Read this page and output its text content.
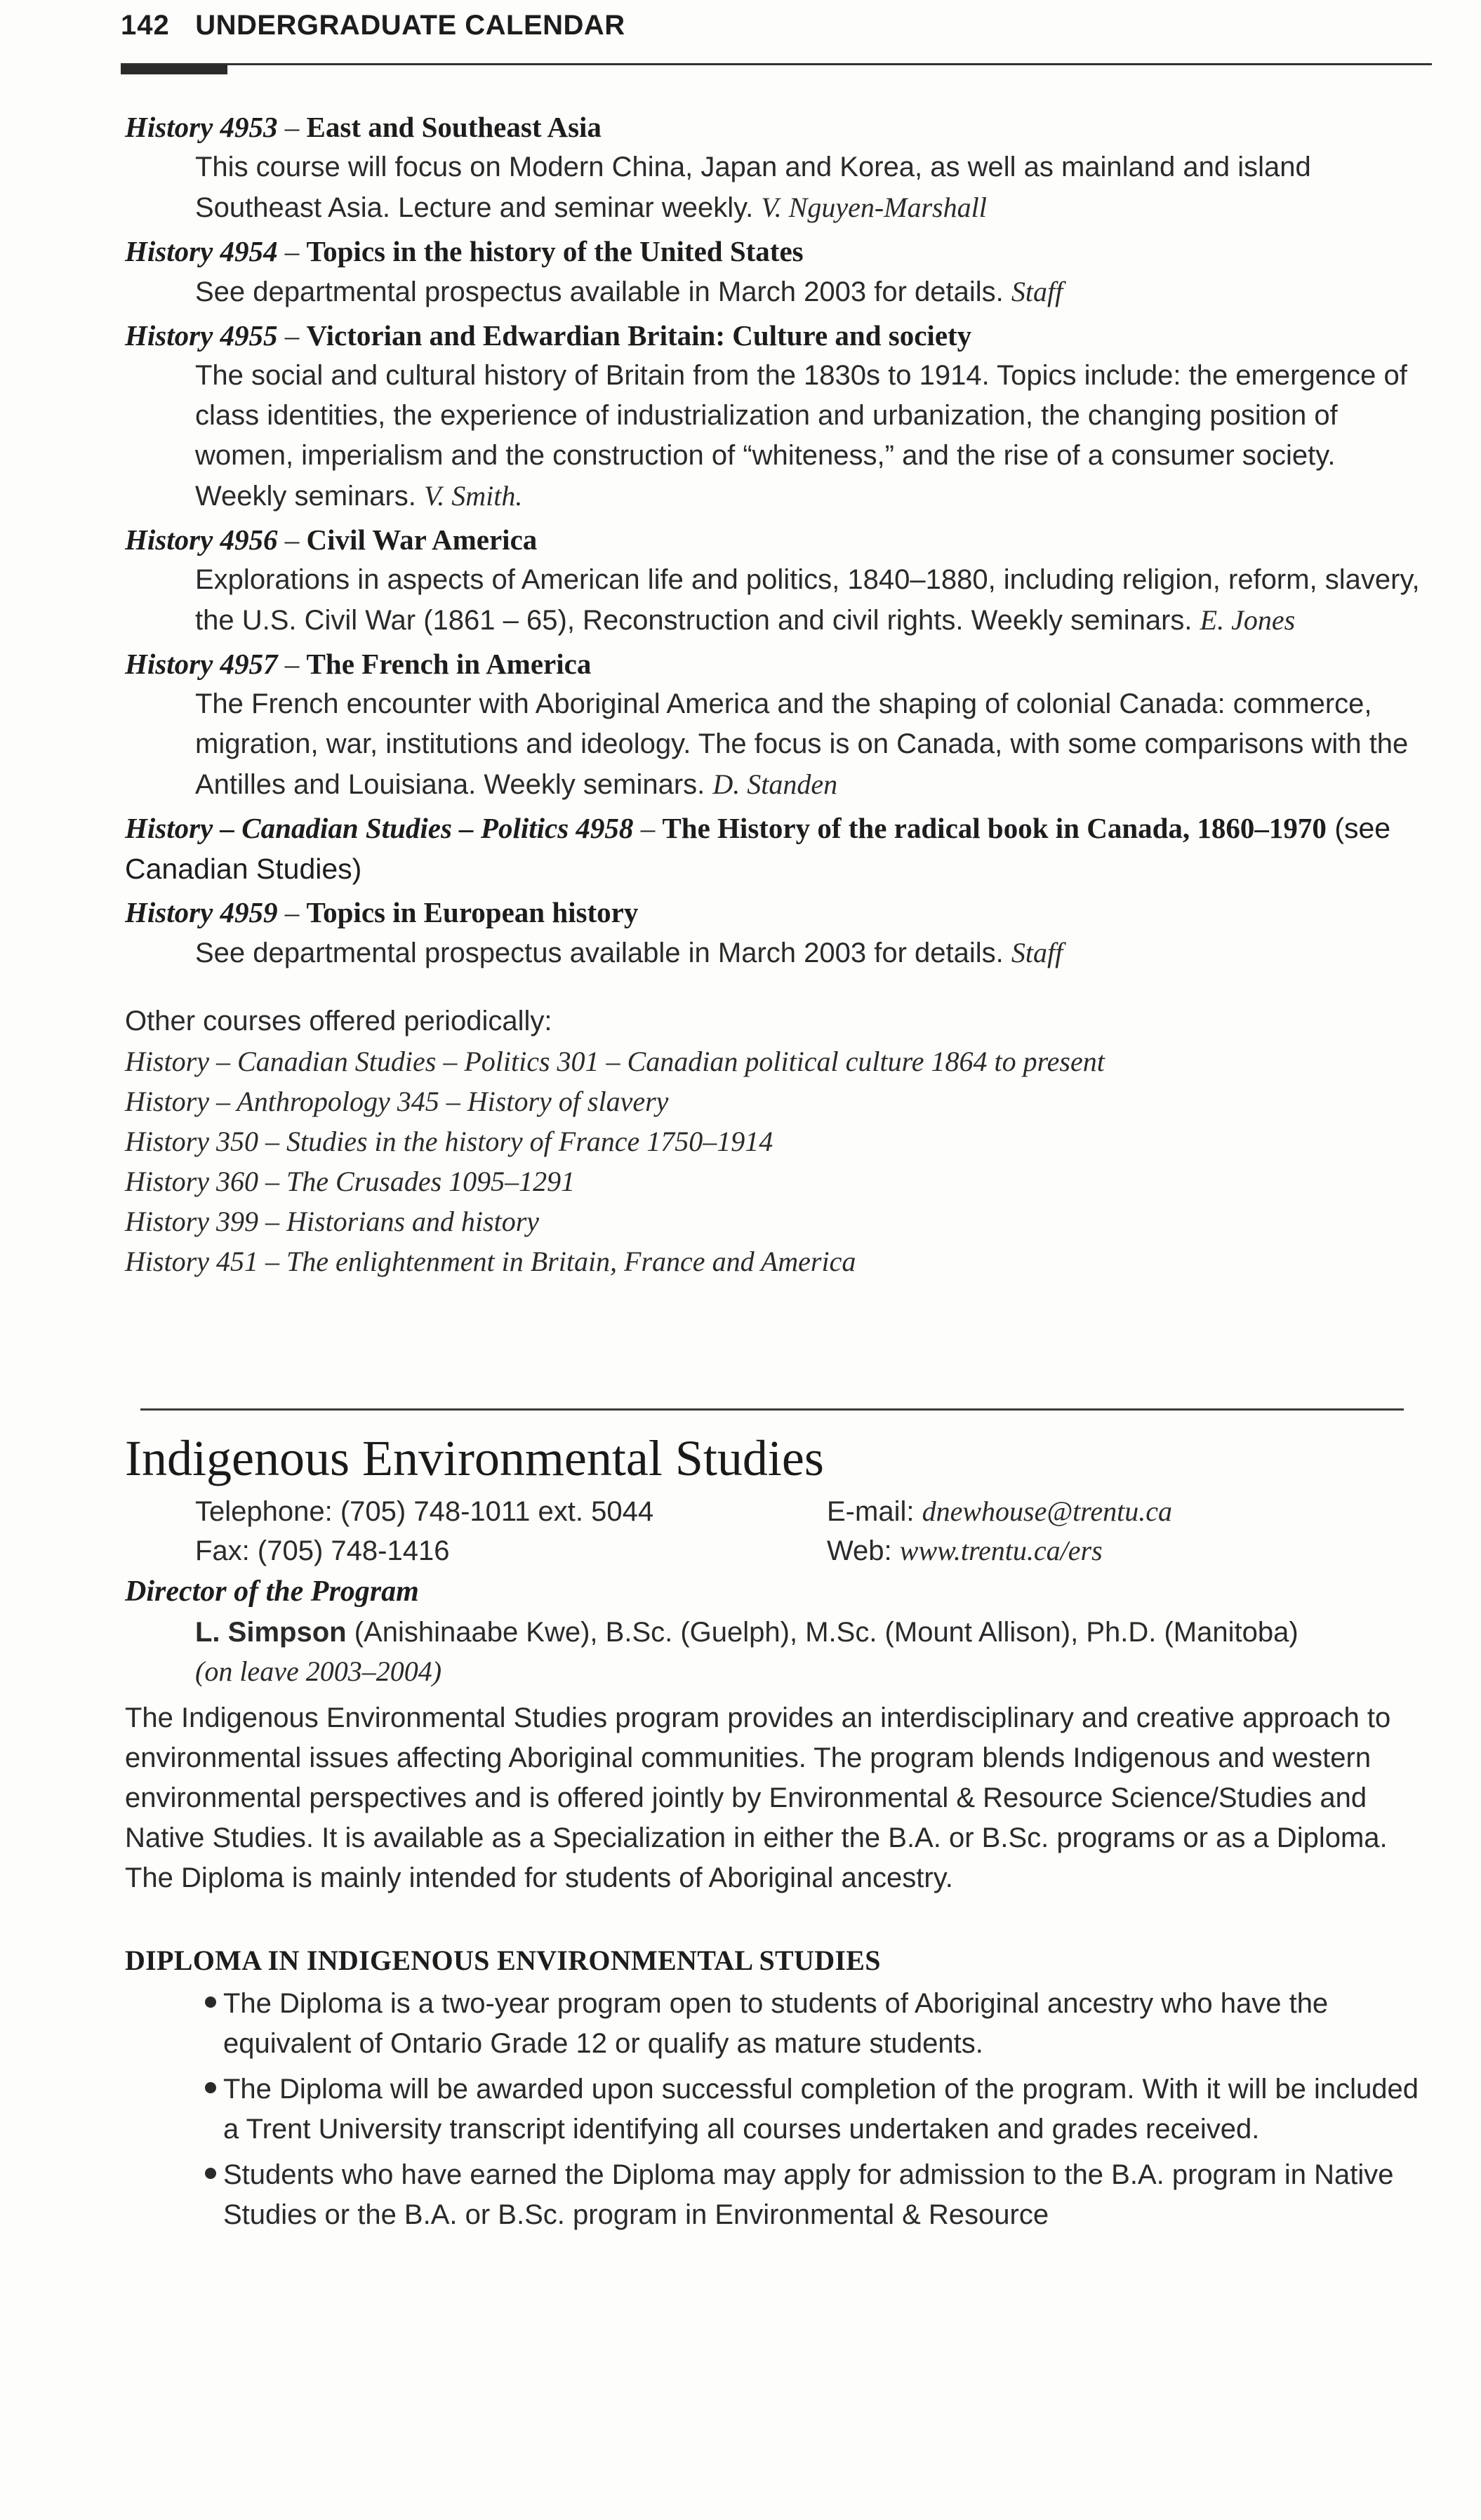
142 UNDERGRADUATE CALENDAR
History 4953 – East and Southeast Asia
This course will focus on Modern China, Japan and Korea, as well as mainland and island Southeast Asia. Lecture and seminar weekly. V. Nguyen-Marshall
History 4954 – Topics in the history of the United States
See departmental prospectus available in March 2003 for details. Staff
History 4955 – Victorian and Edwardian Britain: Culture and society
The social and cultural history of Britain from the 1830s to 1914. Topics include: the emergence of class identities, the experience of industrialization and urbanization, the changing position of women, imperialism and the construction of “whiteness,” and the rise of a consumer society. Weekly seminars. V. Smith.
History 4956 – Civil War America
Explorations in aspects of American life and politics, 1840–1880, including religion, reform, slavery, the U.S. Civil War (1861 – 65), Reconstruction and civil rights. Weekly seminars. E. Jones
History 4957 – The French in America
The French encounter with Aboriginal America and the shaping of colonial Canada: commerce, migration, war, institutions and ideology. The focus is on Canada, with some comparisons with the Antilles and Louisiana. Weekly seminars. D. Standen
History – Canadian Studies – Politics 4958 – The History of the radical book in Canada, 1860–1970 (see Canadian Studies)
History 4959 – Topics in European history
See departmental prospectus available in March 2003 for details. Staff
Other courses offered periodically:
History – Canadian Studies – Politics 301 – Canadian political culture 1864 to present
History – Anthropology 345 – History of slavery
History 350 – Studies in the history of France 1750–1914
History 360 – The Crusades 1095–1291
History 399 – Historians and history
History 451 – The enlightenment in Britain, France and America
Indigenous Environmental Studies
Telephone: (705) 748-1011 ext. 5044	E-mail: dnewhouse@trentu.ca
Fax: (705) 748-1416	Web: www.trentu.ca/ers
Director of the Program
L. Simpson (Anishinaabe Kwe), B.Sc. (Guelph), M.Sc. (Mount Allison), Ph.D. (Manitoba)
(on leave 2003–2004)
The Indigenous Environmental Studies program provides an interdisciplinary and creative approach to environmental issues affecting Aboriginal communities. The program blends Indigenous and western environmental perspectives and is offered jointly by Environmental & Resource Science/Studies and Native Studies. It is available as a Specialization in either the B.A. or B.Sc. programs or as a Diploma. The Diploma is mainly intended for students of Aboriginal ancestry.
DIPLOMA IN INDIGENOUS ENVIRONMENTAL STUDIES
The Diploma is a two-year program open to students of Aboriginal ancestry who have the equivalent of Ontario Grade 12 or qualify as mature students.
The Diploma will be awarded upon successful completion of the program. With it will be included a Trent University transcript identifying all courses undertaken and grades received.
Students who have earned the Diploma may apply for admission to the B.A. program in Native Studies or the B.A. or B.Sc. program in Environmental & Resource
